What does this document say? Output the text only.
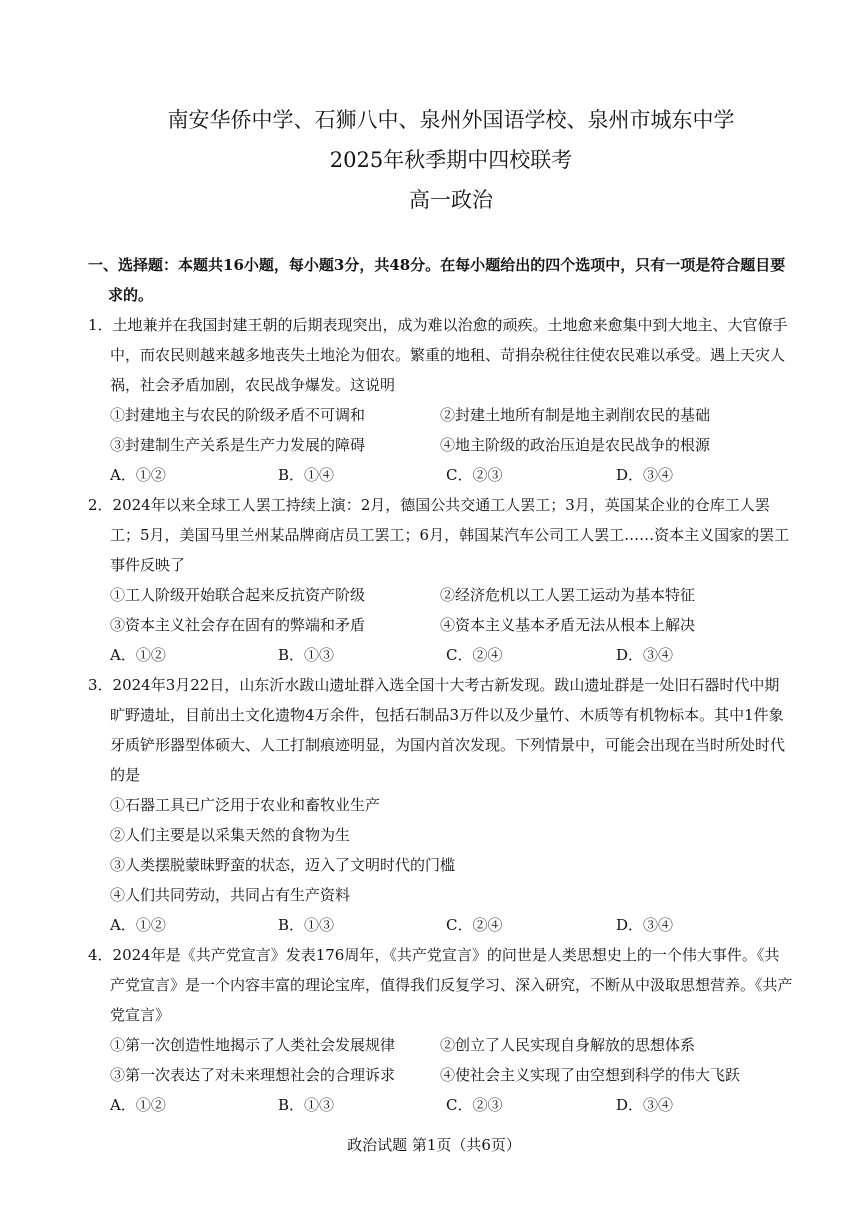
南安华侨中学、石狮八中、泉州外国语学校、泉州市城东中学
2025年秋季期中四校联考
高一政治
一、选择题：本题共16小题，每小题3分，共48分。在每小题给出的四个选项中，只有一项是符合题目要求的。
1．土地兼并在我国封建王朝的后期表现突出，成为难以治愈的顽疾。土地愈来愈集中到大地主、大官僚手中，而农民则越来越多地丧失土地沦为佃农。繁重的地租、苛捐杂税往往使农民难以承受。遇上天灾人祸，社会矛盾加剧，农民战争爆发。这说明
①封建地主与农民的阶级矛盾不可调和	②封建土地所有制是地主剥削农民的基础
③封建制生产关系是生产力发展的障碍	④地主阶级的政治压迫是农民战争的根源
A．①②	B．①④	C．②③	D．③④
2．2024年以来全球工人罢工持续上演：2月，德国公共交通工人罢工；3月，英国某企业的仓库工人罢工；5月，美国马里兰州某品牌商店员工罢工；6月，韩国某汽车公司工人罢工……资本主义国家的罢工事件反映了
①工人阶级开始联合起来反抗资产阶级	②经济危机以工人罢工运动为基本特征
③资本主义社会存在固有的弊端和矛盾	④资本主义基本矛盾无法从根本上解决
A．①②	B．①③	C．②④	D．③④
3．2024年3月22日，山东沂水跋山遗址群入选全国十大考古新发现。跋山遗址群是一处旧石器时代中期旷野遗址，目前出土文化遗物4万余件，包括石制品3万件以及少量竹、木质等有机物标本。其中1件象牙质铲形器型体硕大、人工打制痕迹明显，为国内首次发现。下列情景中，可能会出现在当时所处时代的是
①石器工具已广泛用于农业和畜牧业生产
②人们主要是以采集天然的食物为生
③人类摆脱蒙昧野蛮的状态，迈入了文明时代的门槛
④人们共同劳动，共同占有生产资料
A．①②	B．①③	C．②④	D．③④
4．2024年是《共产党宣言》发表176周年，《共产党宣言》的问世是人类思想史上的一个伟大事件。《共产党宣言》是一个内容丰富的理论宝库，值得我们反复学习、深入研究，不断从中汲取思想营养。《共产党宣言》
①第一次创造性地揭示了人类社会发展规律	②创立了人民实现自身解放的思想体系
③第一次表达了对未来理想社会的合理诉求	④使社会主义实现了由空想到科学的伟大飞跃
A．①②	B．①③	C．②③	D．③④
政治试题 第1页（共6页）
